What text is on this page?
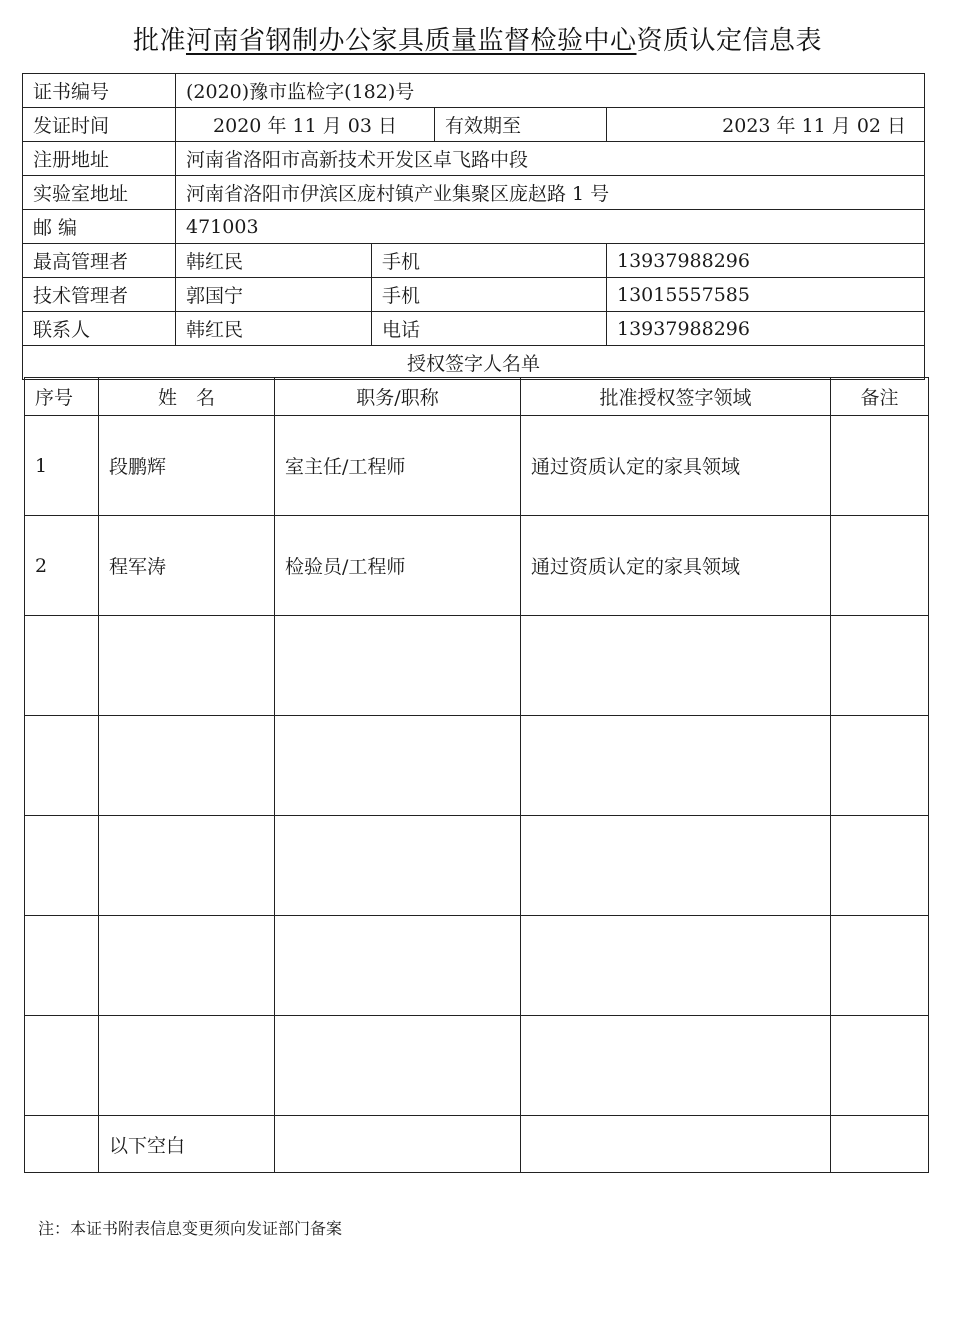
批准河南省钢制办公家具质量监督检验中心资质认定信息表
证书编号	(2020)豫市监检字(182)号			
发证时间	2020 年 11 月 03 日		有效期至	2023 年 11 月 02 日
注册地址	河南省洛阳市高新技术开发区卓飞路中段			
实验室地址	河南省洛阳市伊滨区庞村镇产业集聚区庞赵路 1 号			
邮 编	471003			
最高管理者	韩红民	手机		13937988296
技术管理者	郭国宁	手机		13015557585
联系人	韩红民	电话		13937988296
授权签字人名单				
序号	姓　名	职务/职称	批准授权签字领域	备注
1	段鹏辉	室主任/工程师	通过资质认定的家具领域	
2	程军涛	检验员/工程师	通过资质认定的家具领域	

	以下空白			
注：本证书附表信息变更须向发证部门备案
